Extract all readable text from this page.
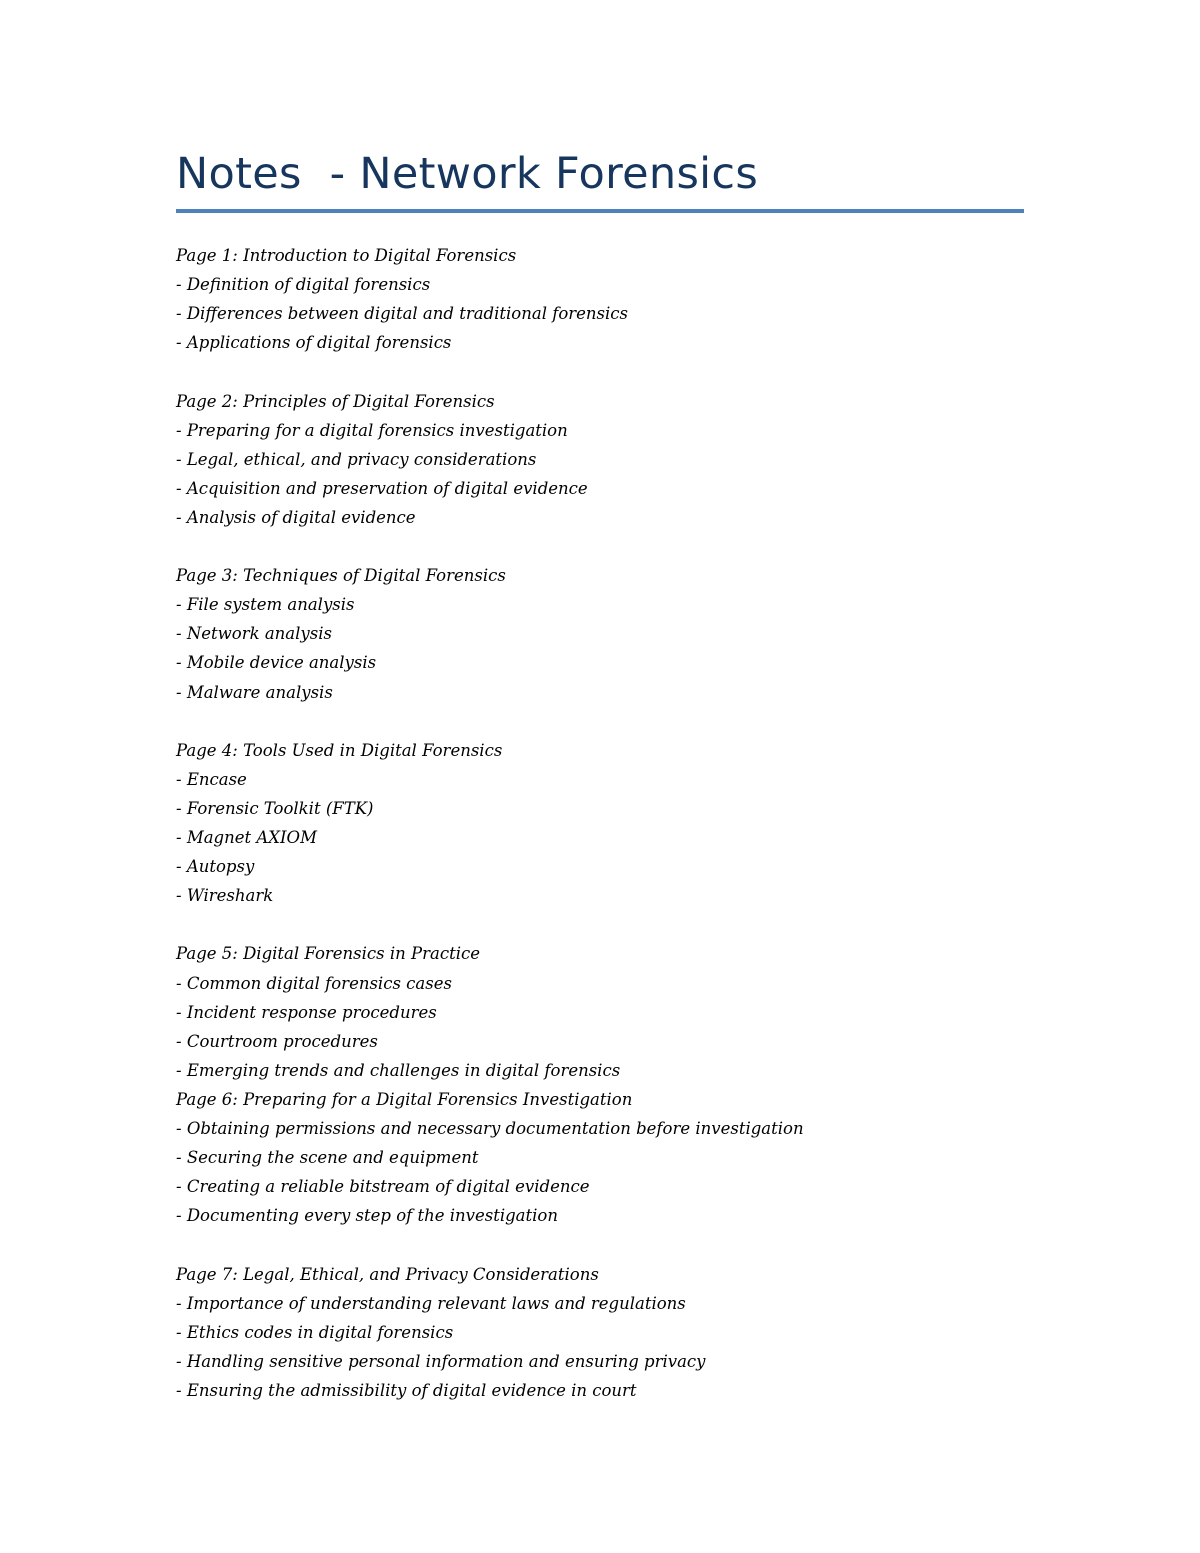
Notes  - Network Forensics
Page 1: Introduction to Digital Forensics
- Definition of digital forensics
- Differences between digital and traditional forensics
- Applications of digital forensics
Page 2: Principles of Digital Forensics
- Preparing for a digital forensics investigation
- Legal, ethical, and privacy considerations
- Acquisition and preservation of digital evidence
- Analysis of digital evidence
Page 3: Techniques of Digital Forensics
- File system analysis
- Network analysis
- Mobile device analysis
- Malware analysis
Page 4: Tools Used in Digital Forensics
- Encase
- Forensic Toolkit (FTK)
- Magnet AXIOM
- Autopsy
- Wireshark
Page 5: Digital Forensics in Practice
- Common digital forensics cases
- Incident response procedures
- Courtroom procedures
- Emerging trends and challenges in digital forensics
Page 6: Preparing for a Digital Forensics Investigation
- Obtaining permissions and necessary documentation before investigation
- Securing the scene and equipment
- Creating a reliable bitstream of digital evidence
- Documenting every step of the investigation
Page 7: Legal, Ethical, and Privacy Considerations
- Importance of understanding relevant laws and regulations
- Ethics codes in digital forensics
- Handling sensitive personal information and ensuring privacy
- Ensuring the admissibility of digital evidence in court
